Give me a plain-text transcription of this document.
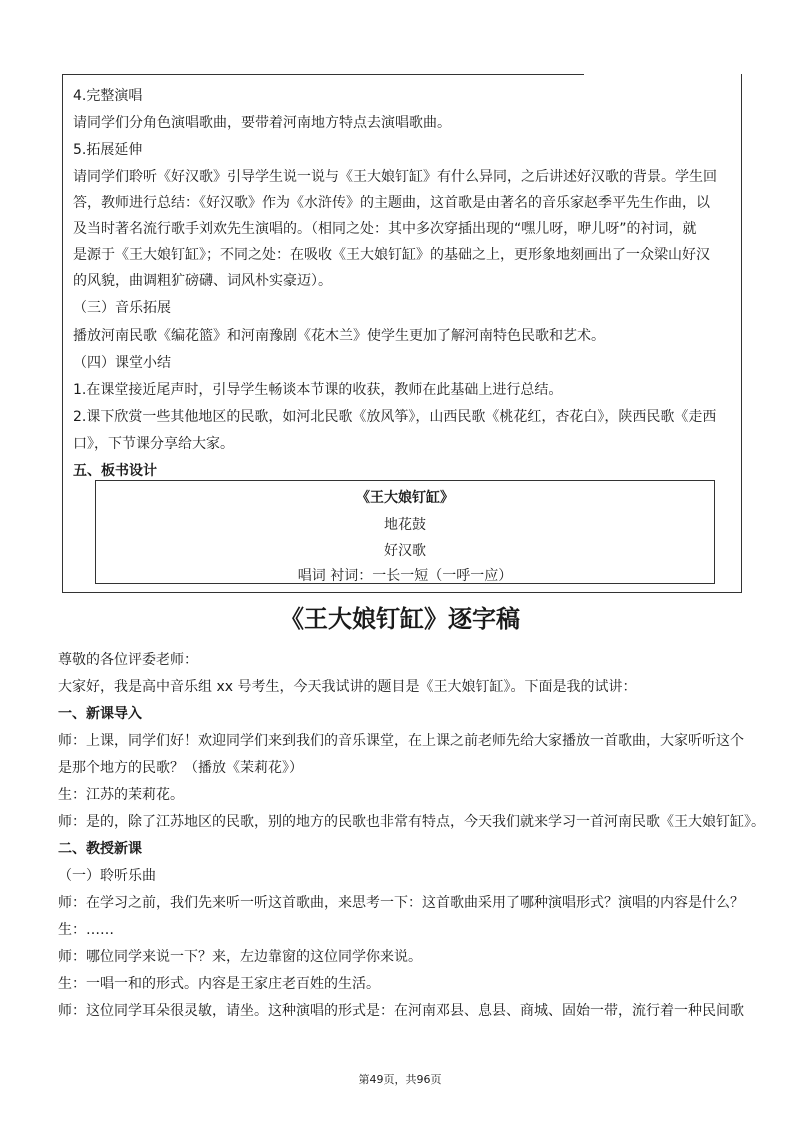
4.完整演唱
请同学们分角色演唱歌曲，要带着河南地方特点去演唱歌曲。
5.拓展延伸
请同学们聆听《好汉歌》引导学生说一说与《王大娘钉缸》有什么异同，之后讲述好汉歌的背景。学生回
答，教师进行总结：《好汉歌》作为《水浒传》的主题曲，这首歌是由著名的音乐家赵季平先生作曲，以
及当时著名流行歌手刘欢先生演唱的。（相同之处：其中多次穿插出现的“嘿儿呀，咿儿呀”的衬词，就
是源于《王大娘钉缸》；不同之处：在吸收《王大娘钉缸》的基础之上，更形象地刻画出了一众梁山好汉
的风貌，曲调粗犷磅礴、词风朴实豪迈）。
（三）音乐拓展
播放河南民歌《编花篮》和河南豫剧《花木兰》使学生更加了解河南特色民歌和艺术。
（四）课堂小结
1.在课堂接近尾声时，引导学生畅谈本节课的收获，教师在此基础上进行总结。
2.课下欣赏一些其他地区的民歌，如河北民歌《放风筝》，山西民歌《桃花红，杏花白》，陕西民歌《走西
口》，下节课分享给大家。
五、板书设计
《王大娘钉缸》
地花鼓
好汉歌
唱词 衬词：一长一短（一呼一应）
《王大娘钉缸》逐字稿
尊敬的各位评委老师：
大家好，我是高中音乐组 xx 号考生，今天我试讲的题目是《王大娘钉缸》。下面是我的试讲：
一、新课导入
师：上课，同学们好！欢迎同学们来到我们的音乐课堂，在上课之前老师先给大家播放一首歌曲，大家听听这个
是那个地方的民歌？（播放《茉莉花》）
生：江苏的茉莉花。
师：是的，除了江苏地区的民歌，别的地方的民歌也非常有特点，今天我们就来学习一首河南民歌《王大娘钉缸》。
二、教授新课
（一）聆听乐曲
师：在学习之前，我们先来听一听这首歌曲，来思考一下：这首歌曲采用了哪种演唱形式？演唱的内容是什么？
生：……
师：哪位同学来说一下？来，左边靠窗的这位同学你来说。
生：一唱一和的形式。内容是王家庄老百姓的生活。
师：这位同学耳朵很灵敏，请坐。这种演唱的形式是：在河南邓县、息县、商城、固始一带，流行着一种民间歌
第49页，共96页
